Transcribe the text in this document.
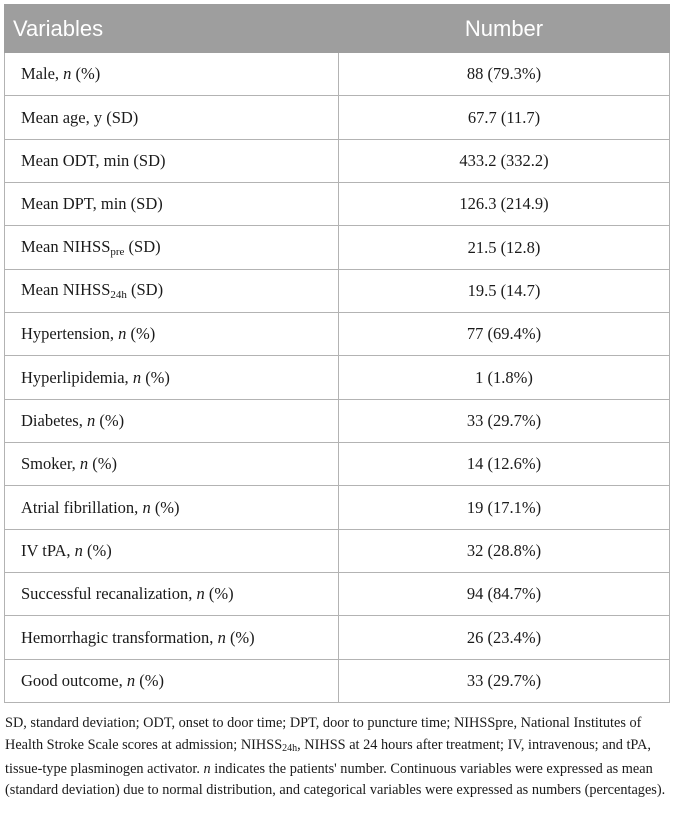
Variables	Number
Male, n (%)	88 (79.3%)
Mean age, y (SD)	67.7 (11.7)
Mean ODT, min (SD)	433.2 (332.2)
Mean DPT, min (SD)	126.3 (214.9)
Mean $NIHSS_{pre}$ (SD)	21.5 (12.8)
Mean $NIHSS_{24h}$ (SD)	19.5 (14.7)
Hypertension, n (%)	77 (69.4%)
Hyperlipidemia, n (%)	1 (1.8%)
Diabetes, n (%)	33 (29.7%)
Smoker, n (%)	14 (12.6%)
Atrial fibrillation, n (%)	19 (17.1%)
IV tPA, n (%)	32 (28.8%)
Successful recanalization, n (%)	94 (84.7%)
Hemorrhagic transformation, n (%)	26 (23.4%)
Good outcome, n (%)	33 (29.7%)

SD, standard deviation; ODT, onset to door time; DPT, door to puncture time; NIHSSpre, National Institutes of Health Stroke Scale scores at admission; $NIHSS_{24h}$, NIHSS at 24 hours after treatment; IV, intravenous; and tPA, tissue-type plasminogen activator. n indicates the patients' number. Continuous variables were expressed as mean (standard deviation) due to normal distribution, and categorical variables were expressed as numbers (percentages).
